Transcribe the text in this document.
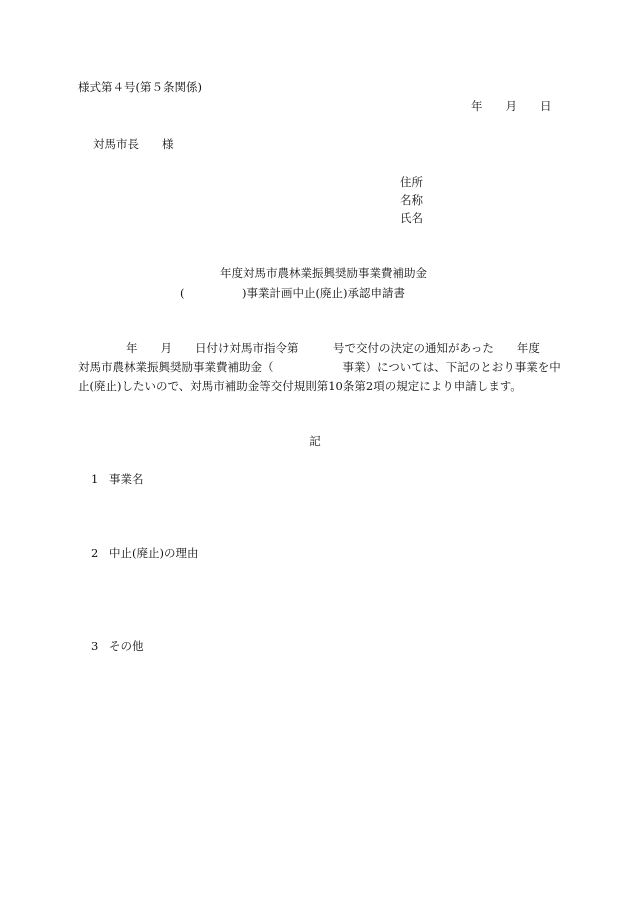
様式第４号(第５条関係)
年　　月　　日
対馬市長　　様
住所
名称
氏名
年度対馬市農林業振興奨励事業費補助金
(　　　　　)事業計画中止(廃止)承認申請書
年　　月　　日付け対馬市指令第　　　号で交付の決定の通知があった　　年度
対馬市農林業振興奨励事業費補助金（　　　　　　事業）については、下記のとおり事業を中
止(廃止)したいので、対馬市補助金等交付規則第10条第2項の規定により申請します。
記
1 事業名
2 中止(廃止)の理由
3 その他
